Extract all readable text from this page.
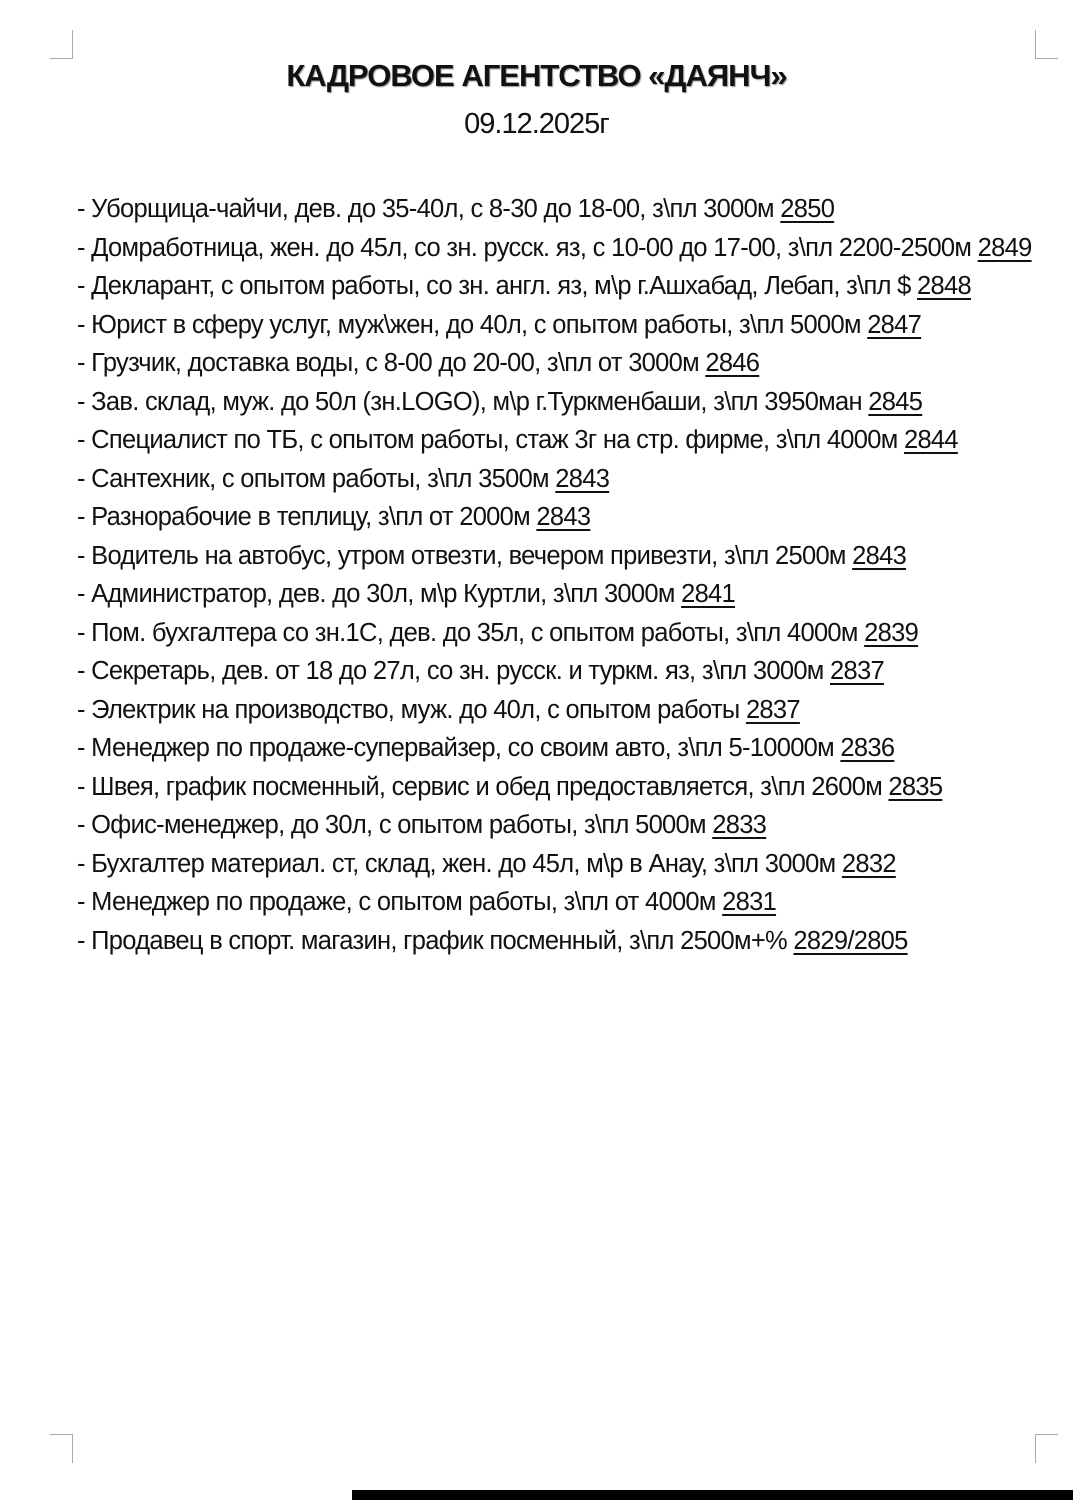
КАДРОВОЕ АГЕНТСТВО «ДАЯНЧ»
09.12.2025г
- Уборщица-чайчи, дев. до 35-40л, с 8-30 до 18-00, з\пл 3000м 2850
- Домработница, жен. до 45л, со зн. русск. яз, с 10-00 до 17-00, з\пл 2200-2500м 2849
- Декларант, с опытом работы, со зн. англ. яз, м\р г.Ашхабад, Лебап, з\пл $ 2848
- Юрист в сферу услуг, муж\жен, до 40л, с опытом работы, з\пл 5000м 2847
- Грузчик, доставка воды, с 8-00 до 20-00, з\пл от 3000м 2846
- Зав. склад, муж. до 50л (зн.LOGO), м\р г.Туркменбаши, з\пл 3950ман 2845
- Специалист по ТБ, с опытом работы, стаж 3г на стр. фирме, з\пл 4000м 2844
- Сантехник, с опытом работы, з\пл 3500м 2843
- Разнорабочие в теплицу, з\пл от 2000м 2843
- Водитель на автобус, утром отвезти, вечером привезти, з\пл 2500м 2843
- Администратор, дев. до 30л, м\р Куртли, з\пл 3000м 2841
- Пом. бухгалтера со зн.1С, дев. до 35л, с опытом работы, з\пл 4000м 2839
- Секретарь, дев. от 18 до 27л, со зн. русск. и туркм. яз, з\пл 3000м 2837
- Электрик на производство, муж. до 40л, с опытом работы 2837
- Менеджер по продаже-супервайзер, со своим авто, з\пл 5-10000м 2836
- Швея, график посменный, сервис и обед предоставляется, з\пл 2600м 2835
- Офис-менеджер, до 30л, с опытом работы, з\пл 5000м 2833
- Бухгалтер материал. ст, склад, жен. до 45л, м\р в Анау, з\пл 3000м 2832
- Менеджер по продаже, с опытом работы, з\пл от 4000м 2831
- Продавец в спорт. магазин, график посменный, з\пл 2500м+% 2829/2805
